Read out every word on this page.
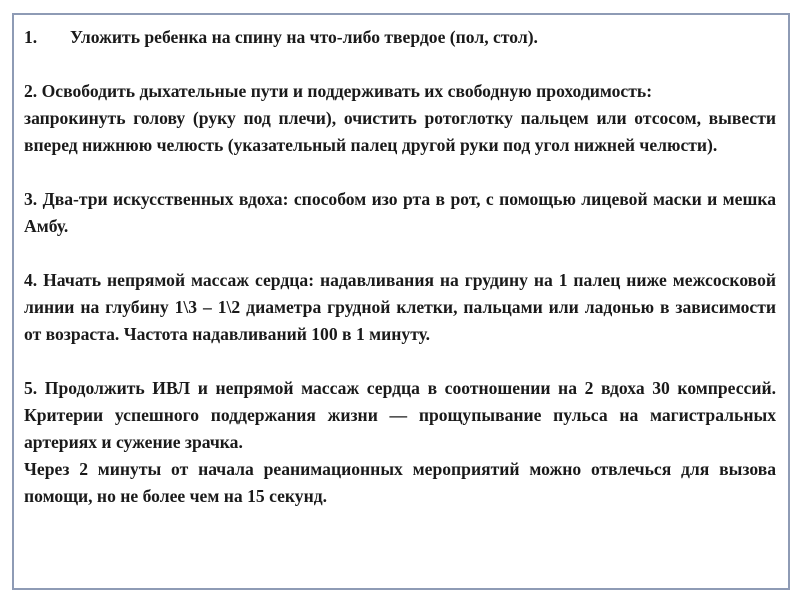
1.	Уложить ребенка на спину на что-либо твердое (пол, стол).

2. Освободить дыхательные пути и поддерживать их свободную проходимость:

запрокинуть голову (руку под плечи), очистить ротоглотку пальцем или отсосом, вывести вперед нижнюю челюсть (указательный палец другой руки под угол нижней челюсти).

3. Два-три искусственных вдоха: способом изо рта в рот, с помощью лицевой маски и мешка Амбу.

4. Начать непрямой массаж сердца: надавливания на грудину на 1 палец ниже межсосковой линии на глубину 1\3 – 1\2 диаметра грудной клетки, пальцами или ладонью в зависимости от возраста. Частота надавливаний 100 в 1 минуту.

5. Продолжить ИВЛ и непрямой массаж сердца в соотношении на 2 вдоха 30 компрессий. Критерии успешного поддержания жизни — прощупывание пульса на магистральных артериях и сужение зрачка.

Через 2 минуты от начала реанимационных мероприятий можно отвлечься для вызова помощи, но не более чем на 15 секунд.
